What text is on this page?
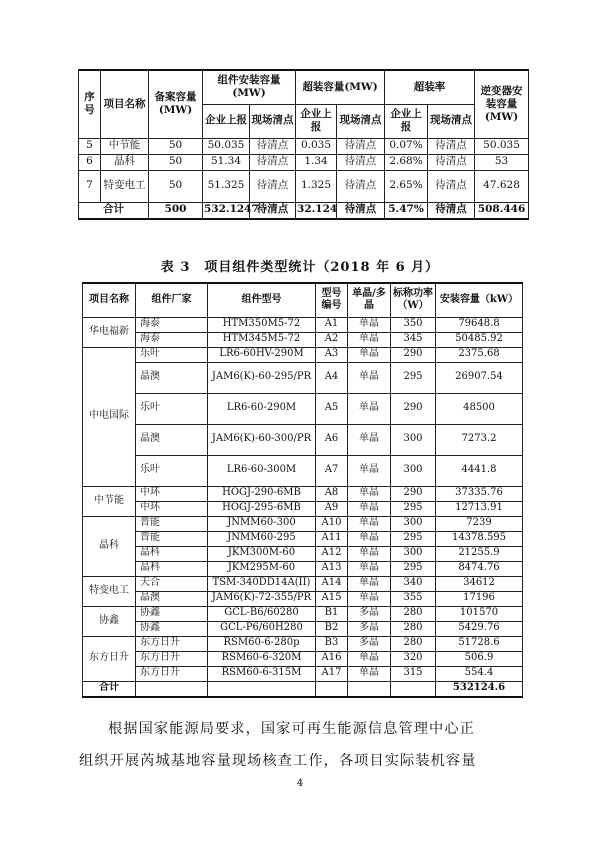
序号	项目名称	备案容量(MW)	组件安装容量(MW)		超装容量(MW)		超装率		逆变器安装容量(MW)
			企业上报	现场清点	企业上报	现场清点	企业上报	现场清点	
5	中节能	50	50.035	待清点	0.035	待清点	0.07%	待清点	50.035
6	晶科	50	51.34	待清点	1.34	待清点	2.68%	待清点	53
7	特变电工	50	51.325	待清点	1.325	待清点	2.65%	待清点	47.628
合计		500	532.1247	待清点	32.124	待清点	5.47%	待清点	508.446
表 3　项目组件类型统计（2018 年 6 月）
项目名称	组件厂家	组件型号	型号编号	单晶/多晶	标称功率（W）	安装容量（kW）
华电福新	海泰	HTM350M5-72	A1	单晶	350	79648.8
	海泰	HTM345M5-72	A2	单晶	345	50485.92
中电国际	乐叶	LR6-60HV-290M	A3	单晶	290	2375.68
	晶澳	JAM6(K)-60-295/PR	A4	单晶	295	26907.54
	乐叶	LR6-60-290M	A5	单晶	290	48500
	晶澳	JAM6(K)-60-300/PR	A6	单晶	300	7273.2
	乐叶	LR6-60-300M	A7	单晶	300	4441.8
中节能	中环	HOGJ-290-6MB	A8	单晶	290	37335.76
	中环	HOGJ-295-6MB	A9	单晶	295	12713.91
晶科	晋能	JNMM60-300	A10	单晶	300	7239
	晋能	JNMM60-295	A11	单晶	295	14378.595
	晶科	JKM300M-60	A12	单晶	300	21255.9
	晶科	JKM295M-60	A13	单晶	295	8474.76
特变电工	天合	TSM-340DD14A(II)	A14	单晶	340	34612
	晶澳	JAM6(K)-72-355/PR	A15	单晶	355	17196
协鑫	协鑫	GCL-B6/60280	B1	多晶	280	101570
	协鑫	GCL-P6/60H280	B2	多晶	280	5429.76
东方日升	东方日升	RSM60-6-280p	B3	多晶	280	51728.6
	东方日升	RSM60-6-320M	A16	单晶	320	506.9
	东方日升	RSM60-6-315M	A17	单晶	315	554.4
合计						532124.6
根据国家能源局要求，国家可再生能源信息管理中心正
组织开展芮城基地容量现场核查工作，各项目实际装机容量
4
